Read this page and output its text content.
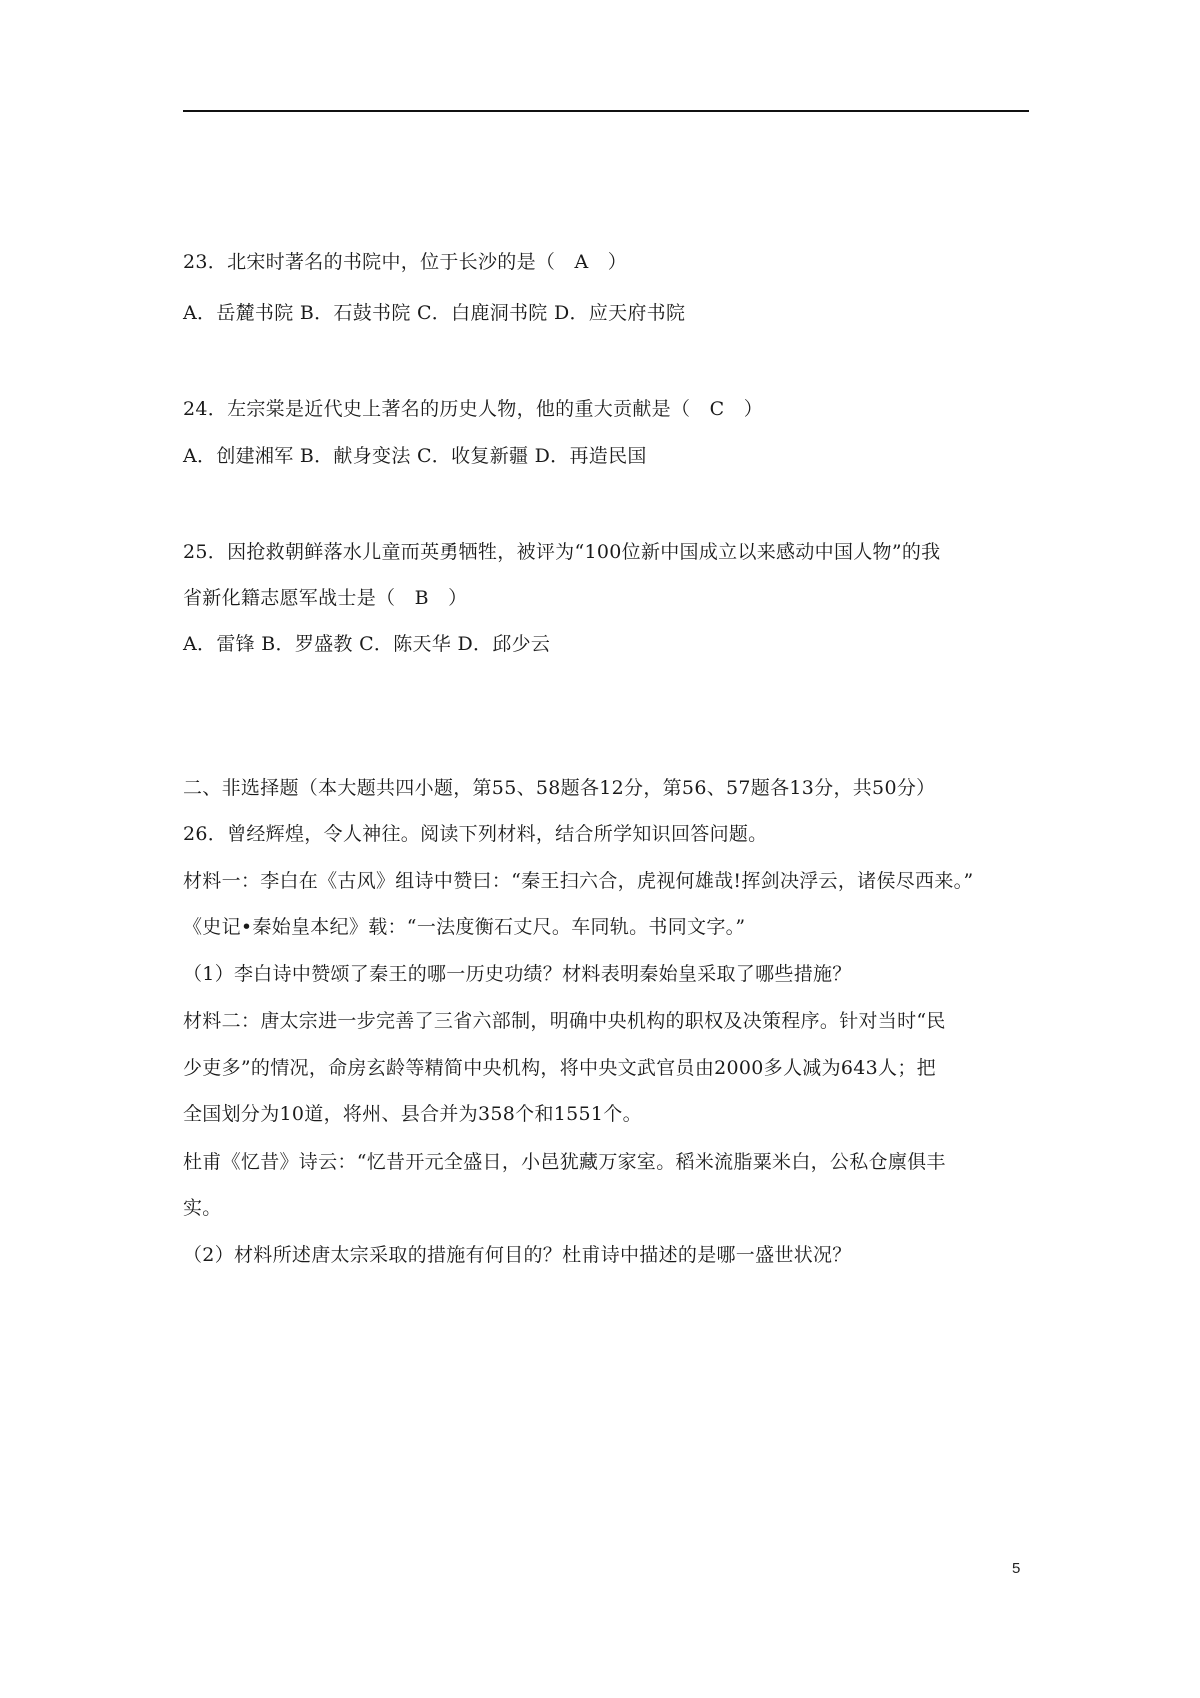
23．北宋时著名的书院中，位于长沙的是（　A　）
A．岳麓书院 B．石鼓书院 C．白鹿洞书院 D．应天府书院
24．左宗棠是近代史上著名的历史人物，他的重大贡献是（　C　）
A．创建湘军 B．献身变法 C．收复新疆 D．再造民国
25．因抢救朝鲜落水儿童而英勇牺牲，被评为“100位新中国成立以来感动中国人物”的我
省新化籍志愿军战士是（　B　）
A．雷锋 B．罗盛教 C．陈天华 D．邱少云
二、非选择题（本大题共四小题，第55、58题各12分，第56、57题各13分，共50分）
26．曾经辉煌，令人神往。阅读下列材料，结合所学知识回答问题。
材料一：李白在《古风》组诗中赞曰：“秦王扫六合，虎视何雄哉!挥剑决浮云，诸侯尽西来。”
《史记•秦始皇本纪》载：“一法度衡石丈尺。车同轨。书同文字。”
（1）李白诗中赞颂了秦王的哪一历史功绩？材料表明秦始皇采取了哪些措施？
材料二：唐太宗进一步完善了三省六部制，明确中央机构的职权及决策程序。针对当时“民
少吏多”的情况，命房玄龄等精简中央机构，将中央文武官员由2000多人减为643人；把
全国划分为10道，将州、县合并为358个和1551个。
杜甫《忆昔》诗云：“忆昔开元全盛日，小邑犹藏万家室。稻米流脂粟米白，公私仓廪俱丰
实。
（2）材料所述唐太宗采取的措施有何目的？杜甫诗中描述的是哪一盛世状况？
5
